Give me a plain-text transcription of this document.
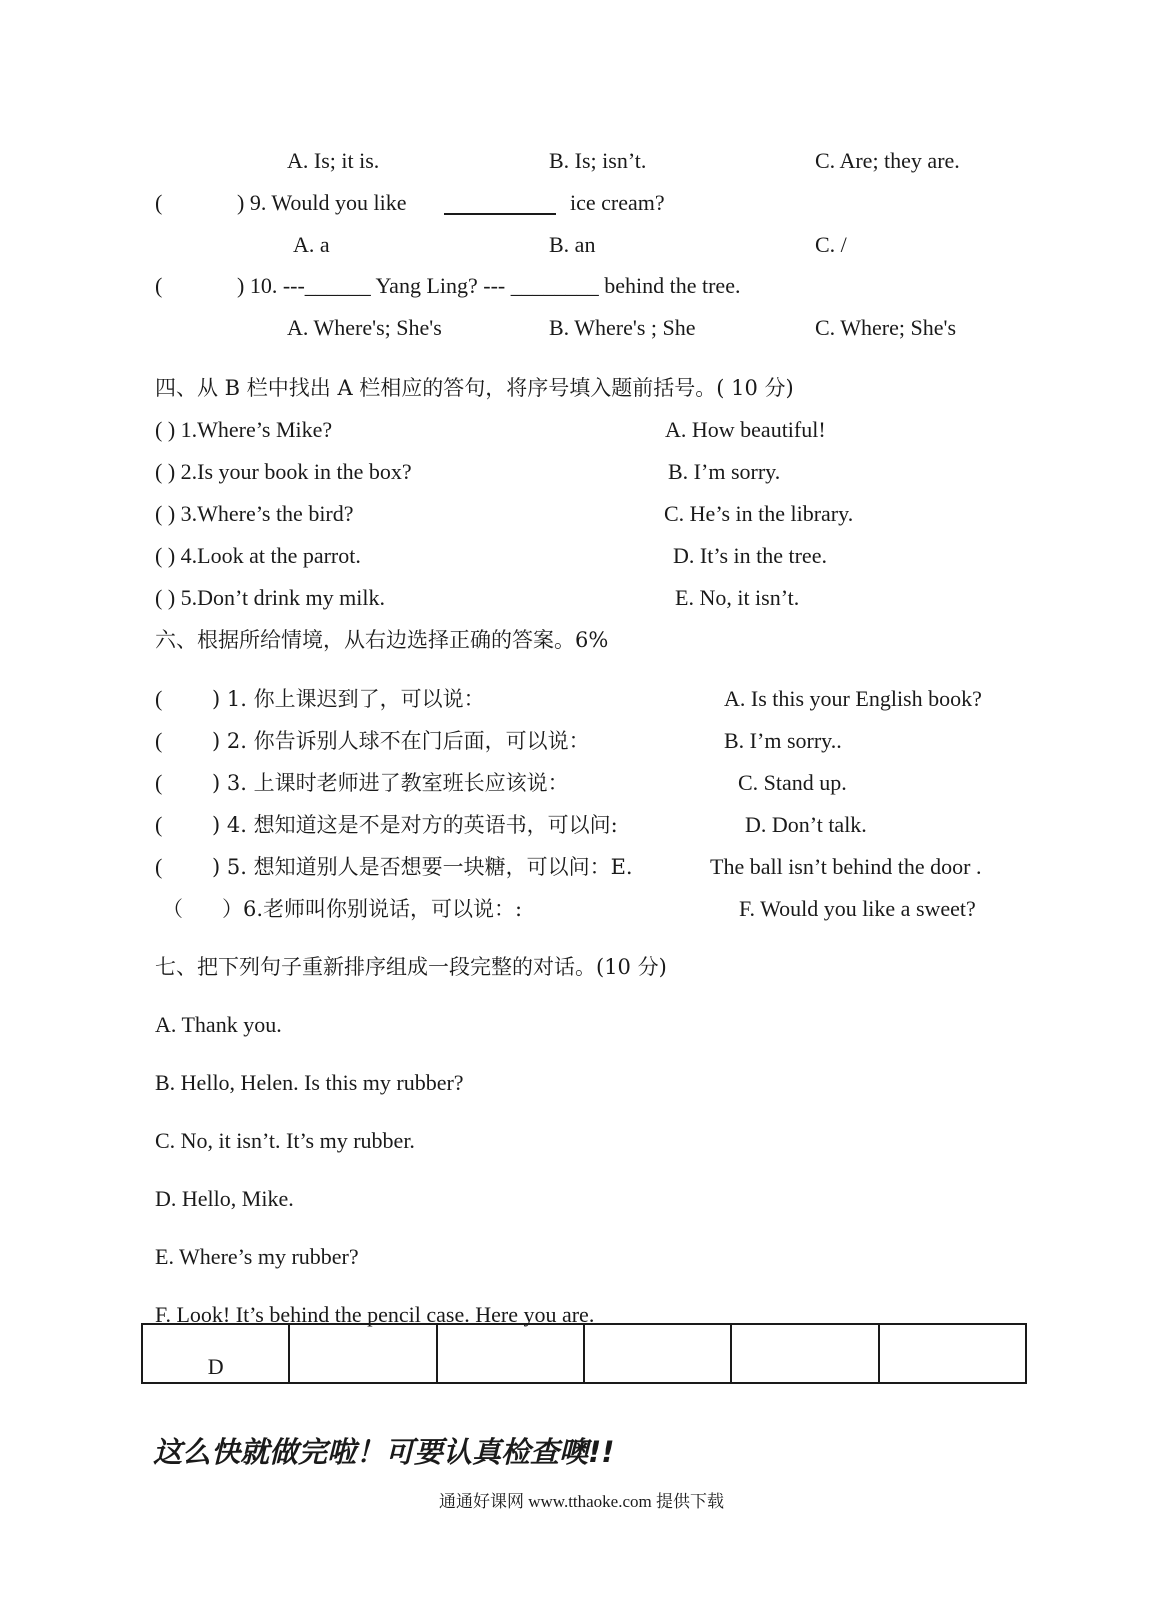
A. Is; it is.	B. Is; isn’t.	C. Are; they are.
(	) 9. Would you like	ice cream?
A. a	B. an	C. /
(	) 10. ---______ Yang Ling? --- ________ behind the tree.
A. Where's; She's	B. Where's ; She	C. Where; She's
四、从 B 栏中找出 A 栏相应的答句，将序号填入题前括号。( 10 分)
( ) 1.Where’s Mike?	A. How beautiful!
( ) 2.Is your book in the box?	B. I’m sorry.
( ) 3.Where’s the bird?	C. He’s in the library.
( ) 4.Look at the parrot.	D. It’s in the tree.
( ) 5.Don’t drink my milk.	E. No, it isn’t.
六、根据所给情境，从右边选择正确的答案。6%
( ) 1. 你上课迟到了，可以说：	A. Is this your English book?
( ) 2. 你告诉别人球不在门后面，可以说：	B. I’m sorry..
( ) 3. 上课时老师进了教室班长应该说：	C. Stand up.
( ) 4. 想知道这是不是对方的英语书，可以问:	D. Don’t talk.
( ) 5. 想知道别人是否想要一块糖，可以问：E.	The ball isn’t behind the door .
（ ）6.老师叫你别说话，可以说：:	F. Would you like a sweet?
七、把下列句子重新排序组成一段完整的对话。(10 分)
A. Thank you.
B. Hello, Helen. Is this my rubber?
C. No, it isn’t. It’s my rubber.
D. Hello, Mike.
E. Where’s my rubber?
F. Look! It’s behind the pencil case. Here you are.
D					
这么快就做完啦！可要认真检查噢!!
通通好课网 www.tthaoke.com 提供下载
